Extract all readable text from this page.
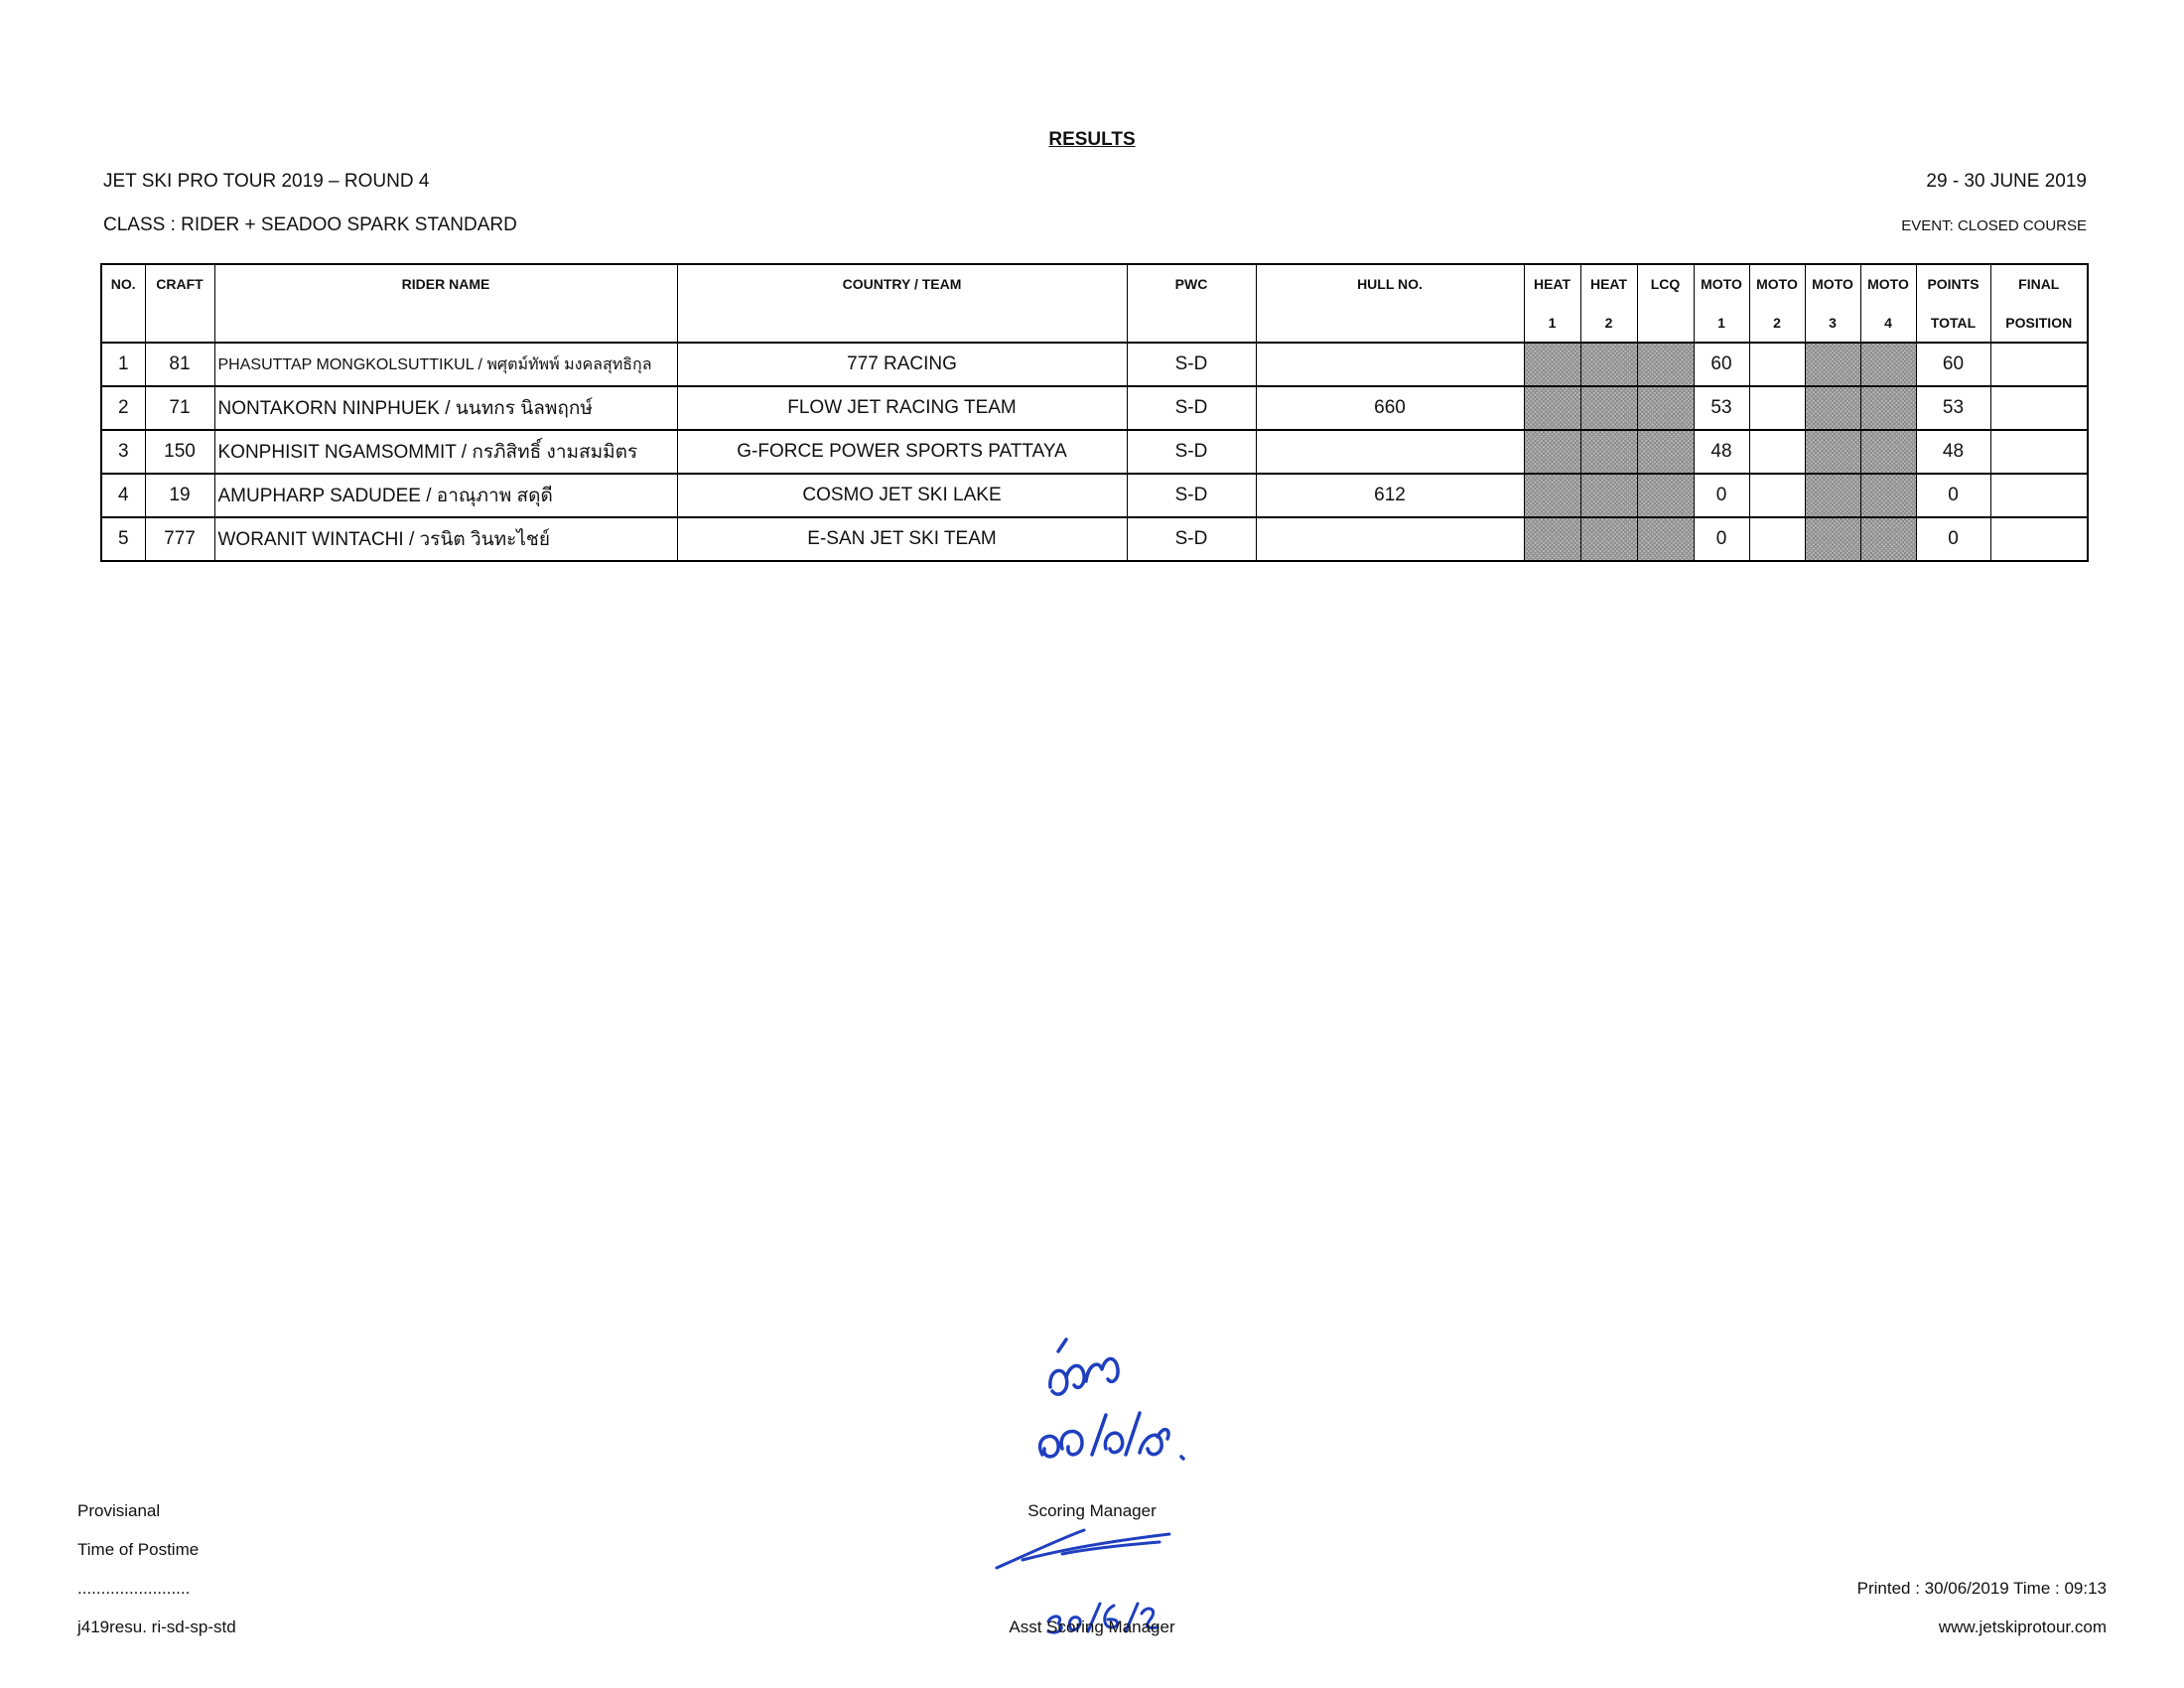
RESULTS
JET SKI PRO TOUR 2019 – ROUND 4	29 - 30 JUNE 2019
CLASS : RIDER + SEADOO SPARK STANDARD	EVENT: CLOSED COURSE
NO.	CRAFT	RIDER NAME	COUNTRY / TEAM	PWC	HULL NO.	HEAT	HEAT	LCQ	MOTO	MOTO	MOTO	MOTO	POINTS	FINAL
						1	2		1	2	3	4	TOTAL	POSITION
1	81	PHASUTTAP MONGKOLSUTTIKUL / พศุตม์ทัพพ์ มงคลสุทธิกุล	777 RACING	S-D					60				60	
2	71	NONTAKORN NINPHUEK / นนทกร นิลพฤกษ์	FLOW JET RACING TEAM	S-D	660				53				53	
3	150	KONPHISIT NGAMSOMMIT / กรภิสิทธิ์ งามสมมิตร	G-FORCE POWER SPORTS PATTAYA	S-D					48				48	
4	19	AMUPHARP SADUDEE / อาณุภาพ สดุดี	COSMO JET SKI LAKE	S-D	612				0				0	
5	777	WORANIT WINTACHI / วรนิต วินทะไชย์	E-SAN JET SKI TEAM	S-D					0				0	
Provisianal
Time of Postime
........................
j419resu. ri-sd-sp-std
Scoring Manager
Asst Scoring Manager
Printed : 30/06/2019 Time : 09:13
www.jetskiprotour.com
